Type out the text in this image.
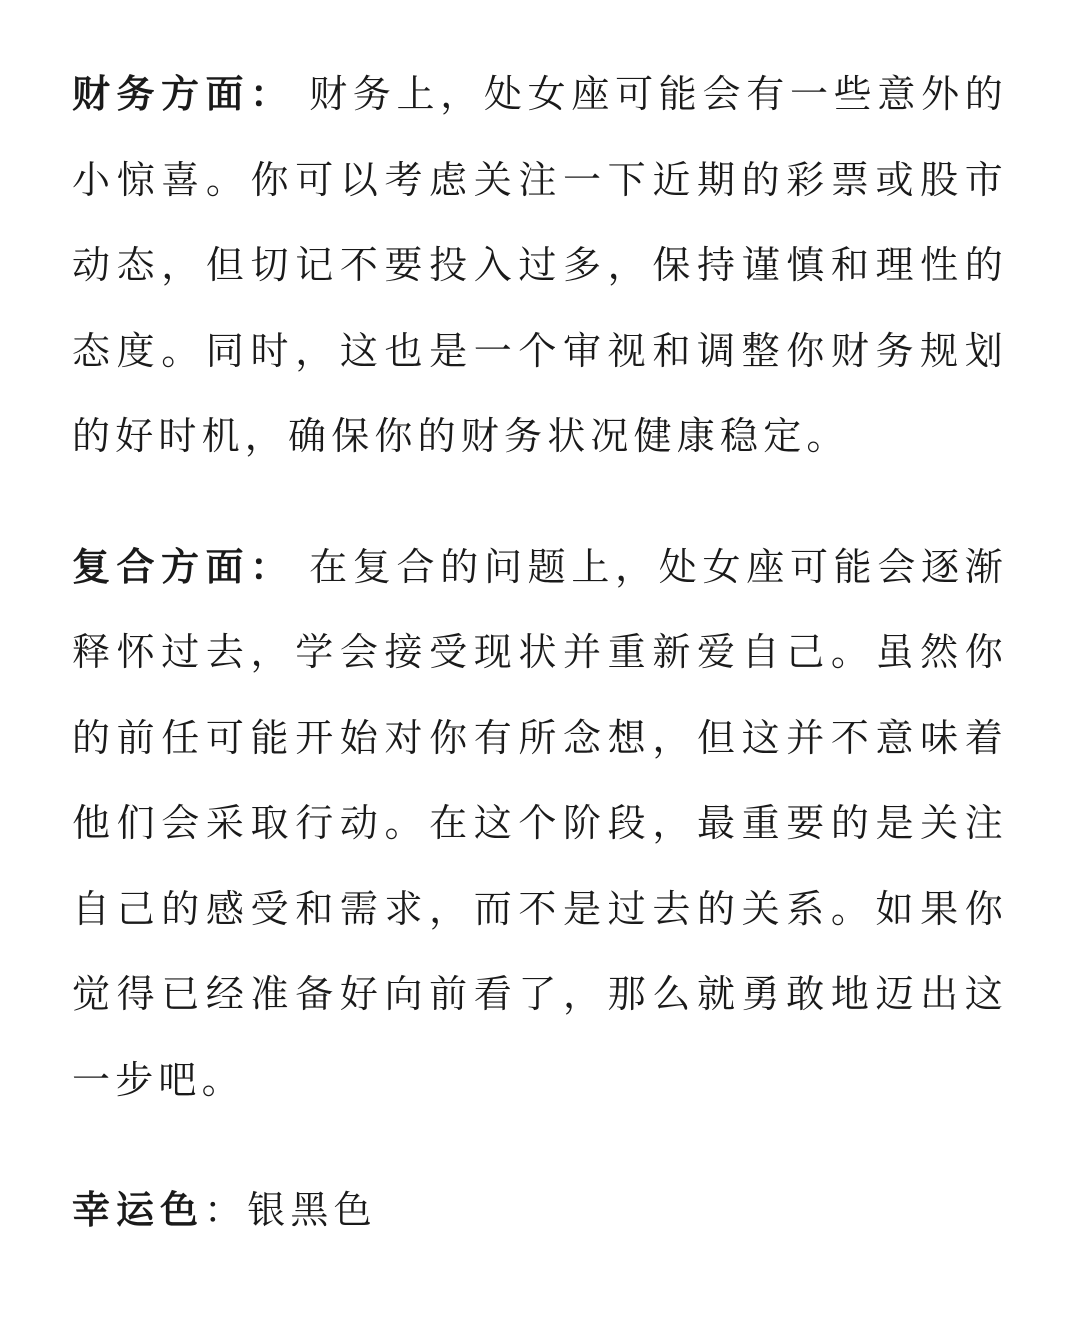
财务方面： 财务上，处女座可能会有一些意外的小惊喜。你可以考虑关注一下近期的彩票或股市动态，但切记不要投入过多，保持谨慎和理性的态度。同时，这也是一个审视和调整你财务规划的好时机，确保你的财务状况健康稳定。

复合方面： 在复合的问题上，处女座可能会逐渐释怀过去，学会接受现状并重新爱自己。虽然你的前任可能开始对你有所念想，但这并不意味着他们会采取行动。在这个阶段，最重要的是关注自己的感受和需求，而不是过去的关系。如果你觉得已经准备好向前看了，那么就勇敢地迈出这一步吧。

幸运色：银黑色
